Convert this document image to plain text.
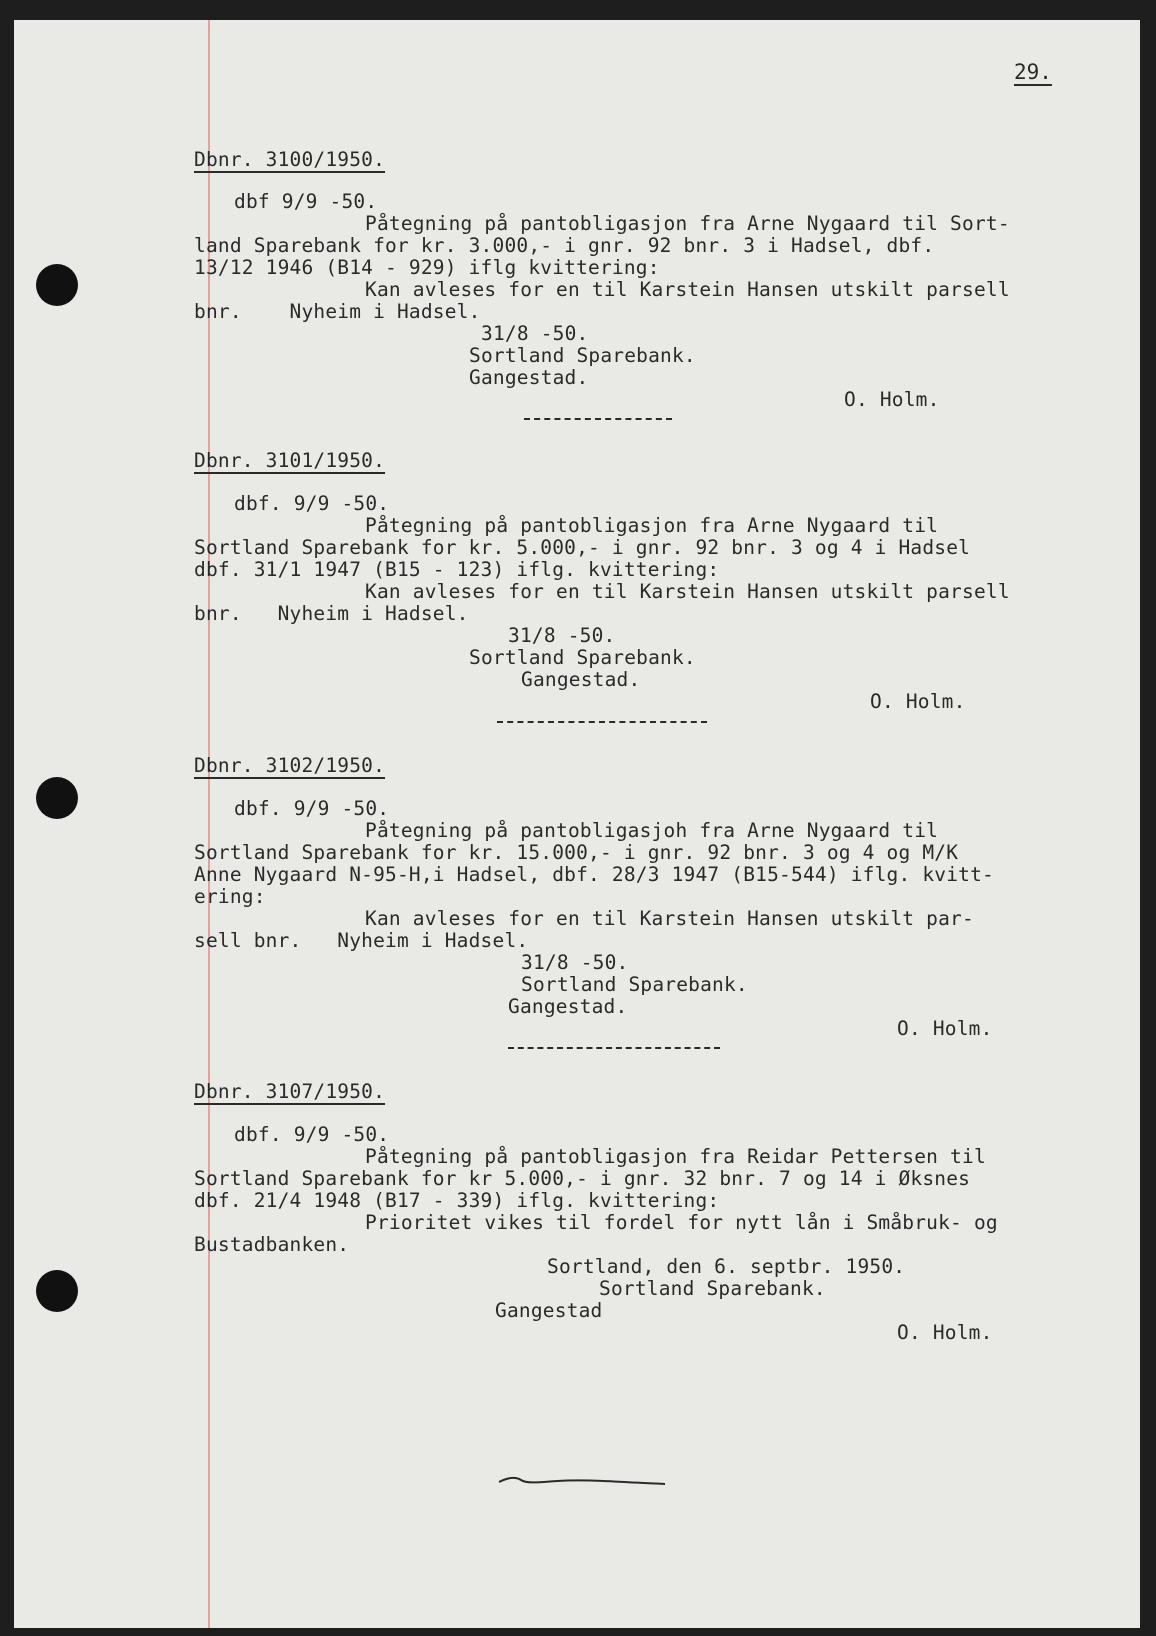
29.
Dbnr. 3100/1950.
dbf 9/9 -50.
Påtegning på pantobligasjon fra Arne Nygaard til Sort-
land Sparebank for kr. 3.000,- i gnr. 92 bnr. 3 i Hadsel, dbf.
13/12 1946 (B14 - 929) iflg kvittering:
Kan avleses for en til Karstein Hansen utskilt parsell
bnr.    Nyheim i Hadsel.
31/8 -50.
Sortland Sparebank.
Gangestad.
O. Holm.
Dbnr. 3101/1950.
dbf. 9/9 -50.
Påtegning på pantobligasjon fra Arne Nygaard til
Sortland Sparebank for kr. 5.000,- i gnr. 92 bnr. 3 og 4 i Hadsel
dbf. 31/1 1947 (B15 - 123) iflg. kvittering:
Kan avleses for en til Karstein Hansen utskilt parsell
bnr.   Nyheim i Hadsel.
31/8 -50.
Sortland Sparebank.
Gangestad.
O. Holm.
Dbnr. 3102/1950.
dbf. 9/9 -50.
Påtegning på pantobligasjoh fra Arne Nygaard til
Sortland Sparebank for kr. 15.000,- i gnr. 92 bnr. 3 og 4 og M/K
Anne Nygaard N-95-H,i Hadsel, dbf. 28/3 1947 (B15-544) iflg. kvitt-
ering:
Kan avleses for en til Karstein Hansen utskilt par-
sell bnr.   Nyheim i Hadsel.
31/8 -50.
Sortland Sparebank.
Gangestad.
O. Holm.
Dbnr. 3107/1950.
dbf. 9/9 -50.
Påtegning på pantobligasjon fra Reidar Pettersen til
Sortland Sparebank for kr 5.000,- i gnr. 32 bnr. 7 og 14 i Øksnes
dbf. 21/4 1948 (B17 - 339) iflg. kvittering:
Prioritet vikes til fordel for nytt lån i Småbruk- og
Bustadbanken.
Sortland, den 6. septbr. 1950.
Sortland Sparebank.
Gangestad
O. Holm.
